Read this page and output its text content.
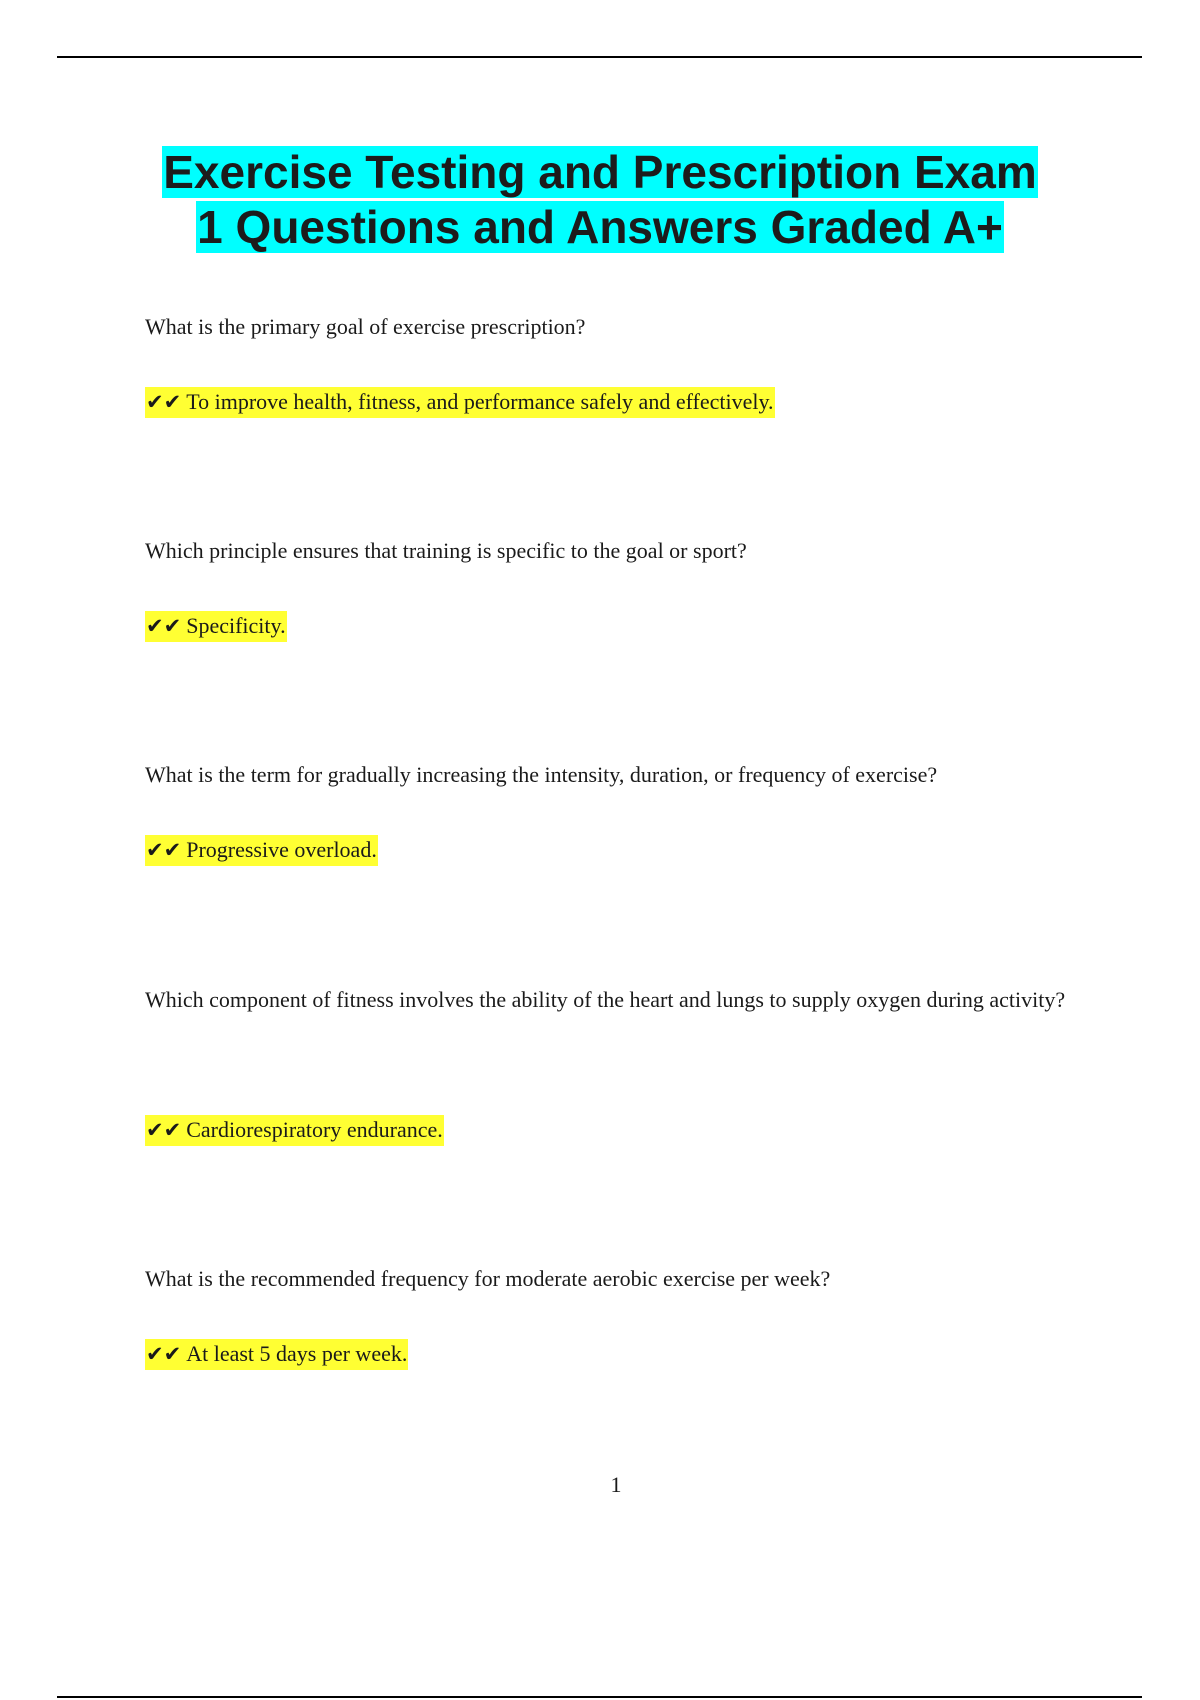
Exercise Testing and Prescription Exam
1 Questions and Answers Graded A+

What is the primary goal of exercise prescription?

✔✔ To improve health, fitness, and performance safely and effectively.

Which principle ensures that training is specific to the goal or sport?

✔✔ Specificity.

What is the term for gradually increasing the intensity, duration, or frequency of exercise?

✔✔ Progressive overload.

Which component of fitness involves the ability of the heart and lungs to supply oxygen during activity?

✔✔ Cardiorespiratory endurance.

What is the recommended frequency for moderate aerobic exercise per week?

✔✔ At least 5 days per week.

1
